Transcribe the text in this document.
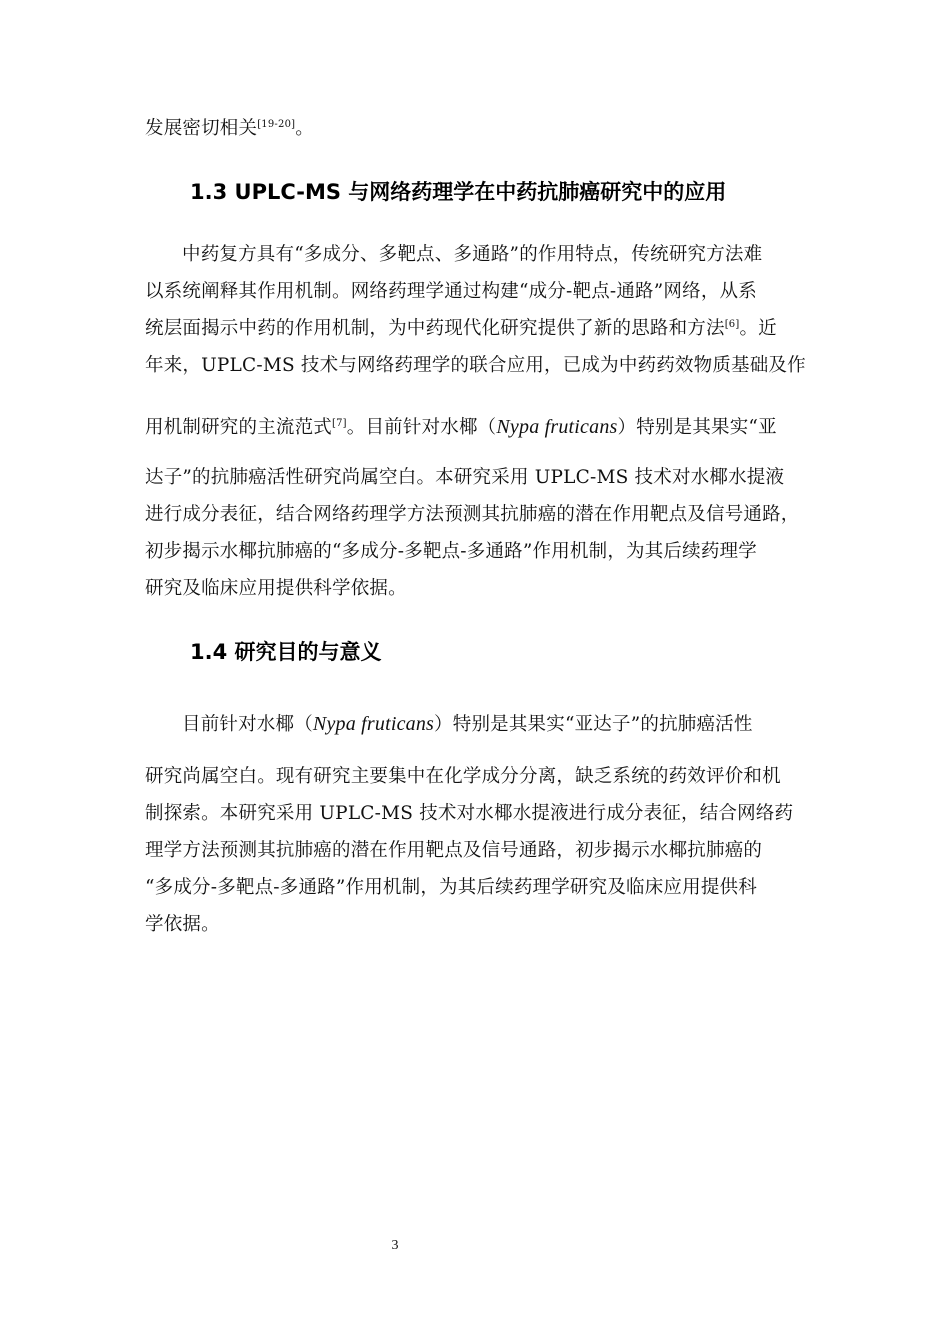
发展密切相关[19-20]。
1.3 UPLC-MS 与网络药理学在中药抗肺癌研究中的应用
中药复方具有“多成分、多靶点、多通路”的作用特点，传统研究方法难
以系统阐释其作用机制。网络药理学通过构建“成分-靶点-通路”网络，从系
统层面揭示中药的作用机制，为中药现代化研究提供了新的思路和方法[6]。近
年来，UPLC-MS 技术与网络药理学的联合应用，已成为中药药效物质基础及作
用机制研究的主流范式[7]。目前针对水椰（Nypa fruticans）特别是其果实“亚
达子”的抗肺癌活性研究尚属空白。本研究采用 UPLC-MS 技术对水椰水提液
进行成分表征，结合网络药理学方法预测其抗肺癌的潜在作用靶点及信号通路，
初步揭示水椰抗肺癌的“多成分-多靶点-多通路”作用机制，为其后续药理学
研究及临床应用提供科学依据。
1.4 研究目的与意义
目前针对水椰（Nypa fruticans）特别是其果实“亚达子”的抗肺癌活性
研究尚属空白。现有研究主要集中在化学成分分离，缺乏系统的药效评价和机
制探索。本研究采用 UPLC-MS 技术对水椰水提液进行成分表征，结合网络药
理学方法预测其抗肺癌的潜在作用靶点及信号通路，初步揭示水椰抗肺癌的
“多成分-多靶点-多通路”作用机制，为其后续药理学研究及临床应用提供科
学依据。
3
